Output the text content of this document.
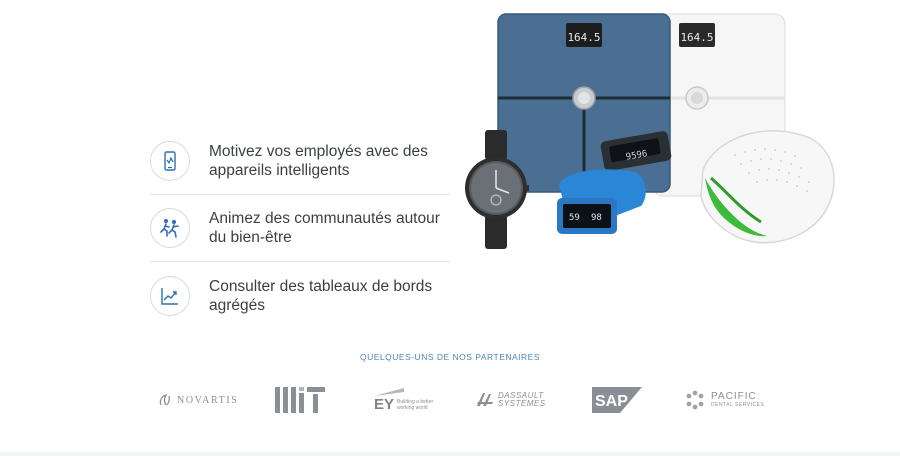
Motivez vos employés avec des appareils intelligents
Animez des communautés autour du bien-être
Consulter des tableaux de bords agrégés
164.5
164.5
9596
59 98
QUELQUES-UNS DE NOS PARTENAIRES
NOVARTIS	EY Building a better working world
DASSAULT SYSTEMES	SAP	PACIFIC
DENTAL SERVICES
